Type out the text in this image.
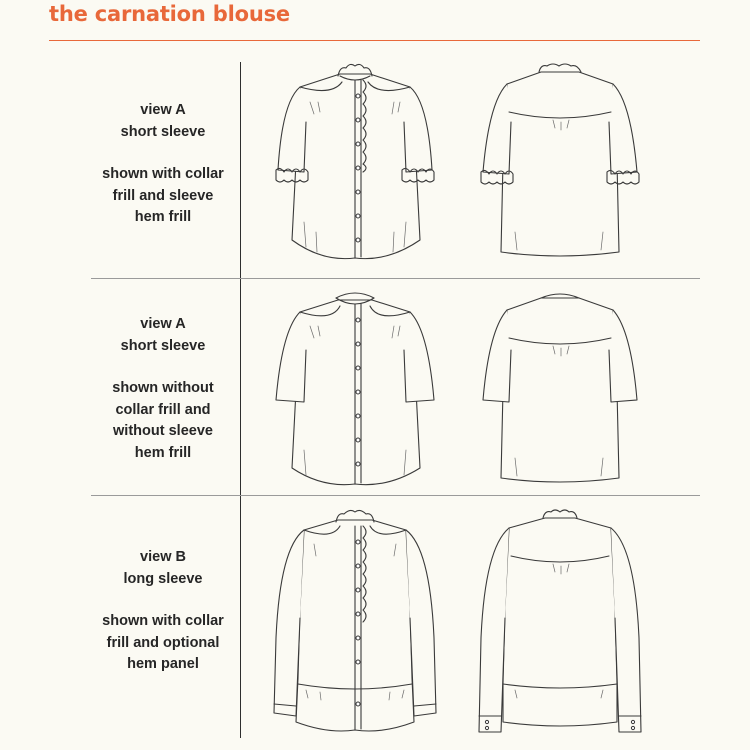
the carnation blouse
view A
short sleeve
shown with collar
frill and sleeve
hem frill
view A
short sleeve
shown without
collar frill and
without sleeve
hem frill
view B
long sleeve
shown with collar
frill and optional
hem panel
